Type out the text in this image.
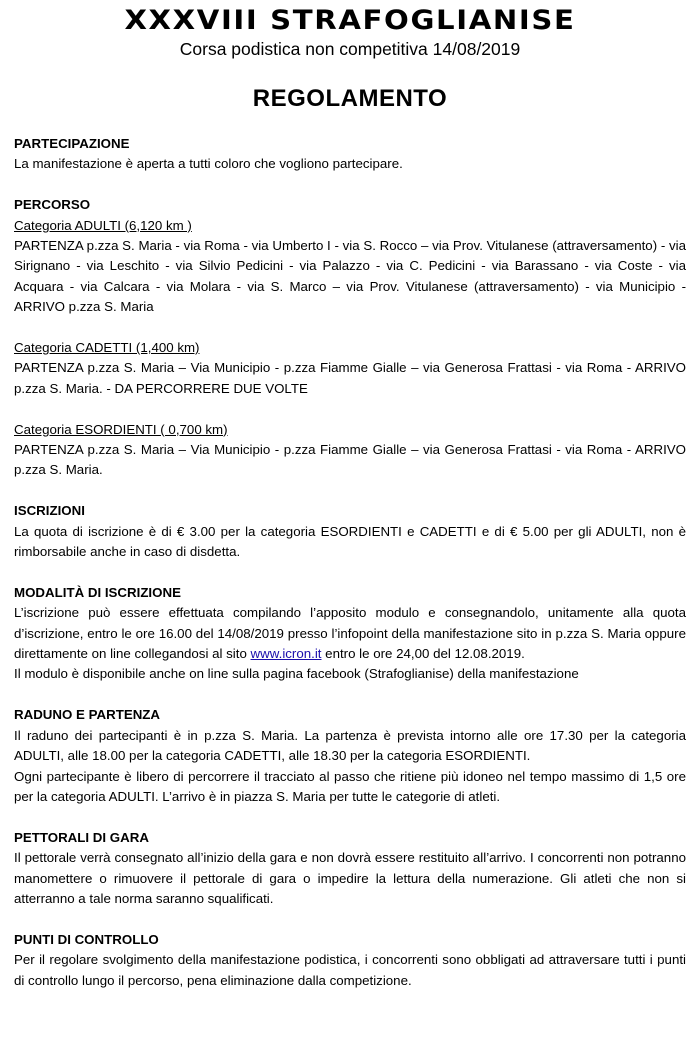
XXXVIII STRAFOGLIANISE
Corsa podistica non competitiva 14/08/2019
REGOLAMENTO

PARTECIPAZIONE

La manifestazione è aperta a tutti coloro che vogliono partecipare.

PERCORSO

Categoria ADULTI (6,120 km )

PARTENZA p.zza S. Maria - via Roma - via Umberto I - via S. Rocco – via Prov. Vitulanese (attraversamento) - via Sirignano - via Leschito - via Silvio Pedicini - via Palazzo - via C. Pedicini - via Barassano - via Coste - via Acquara - via Calcara - via Molara - via S. Marco – via Prov. Vitulanese (attraversamento) - via Municipio - ARRIVO p.zza S. Maria

Categoria CADETTI (1,400 km)

PARTENZA p.zza S. Maria – Via Municipio - p.zza Fiamme Gialle – via Generosa Frattasi - via Roma - ARRIVO p.zza S. Maria. - DA PERCORRERE DUE VOLTE

Categoria ESORDIENTI ( 0,700 km)

PARTENZA p.zza S. Maria – Via Municipio - p.zza Fiamme Gialle – via Generosa Frattasi - via Roma - ARRIVO p.zza S. Maria.

ISCRIZIONI

La quota di iscrizione è di € 3.00 per la categoria ESORDIENTI e CADETTI e di € 5.00 per gli ADULTI, non è rimborsabile anche in caso di disdetta.

MODALITÀ DI ISCRIZIONE

L’iscrizione può essere effettuata compilando l’apposito modulo e consegnandolo, unitamente alla quota d’iscrizione, entro le ore 16.00 del 14/08/2019 presso l’infopoint della manifestazione sito in p.zza S. Maria oppure direttamente on line collegandosi al sito www.icron.it entro le ore 24,00 del 12.08.2019.

Il modulo è disponibile anche on line sulla pagina facebook (Strafoglianise) della manifestazione

RADUNO E PARTENZA

Il raduno dei partecipanti è in p.zza S. Maria. La partenza è prevista intorno alle ore 17.30 per la categoria ADULTI, alle 18.00 per la categoria CADETTI, alle 18.30 per la categoria ESORDIENTI.

Ogni partecipante è libero di percorrere il tracciato al passo che ritiene più idoneo nel tempo massimo di 1,5 ore per la categoria ADULTI. L’arrivo è in piazza S. Maria per tutte le categorie di atleti.

PETTORALI DI GARA

Il pettorale verrà consegnato all’inizio della gara e non dovrà essere restituito all’arrivo. I concorrenti non potranno manomettere o rimuovere il pettorale di gara o impedire la lettura della numerazione. Gli atleti che non si atterranno a tale norma saranno squalificati.

PUNTI DI CONTROLLO

Per il regolare svolgimento della manifestazione podistica, i concorrenti sono obbligati ad attraversare tutti i punti di controllo lungo il percorso, pena eliminazione dalla competizione.
